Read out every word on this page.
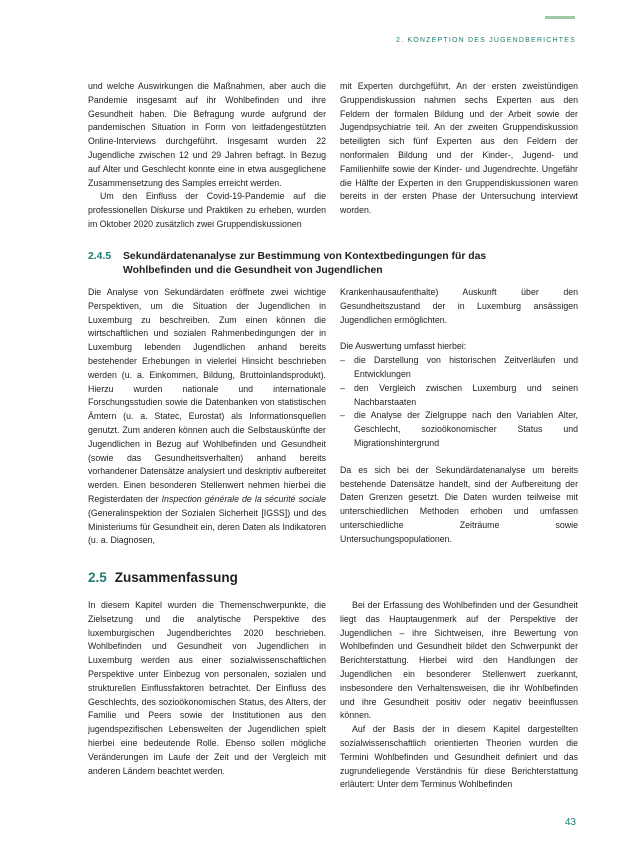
2. KONZEPTION DES JUGENDBERICHTES

und welche Auswirkungen die Maßnahmen, aber auch die Pandemie insgesamt auf ihr Wohlbefinden und ihre Gesundheit haben. Die Befragung wurde aufgrund der pandemischen Situation in Form von leitfadengestützten Online-Interviews durchgeführt. Insgesamt wurden 22 Jugendliche zwischen 12 und 29 Jahren befragt. In Bezug auf Alter und Geschlecht konnte eine in etwa ausgeglichene Zusammensetzung des Samples erreicht werden.

Um den Einfluss der Covid-19-Pandemie auf die professionellen Diskurse und Praktiken zu erheben, wurden im Oktober 2020 zusätzlich zwei Gruppendiskussionen

mit Experten durchgeführt. An der ersten zweistündigen Gruppendiskussion nahmen sechs Experten aus den Feldern der formalen Bildung und der Arbeit sowie der Jugendpsychiatrie teil. An der zweiten Gruppendiskussion beteiligten sich fünf Experten aus den Feldern der nonformalen Bildung und der Kinder-, Jugend- und Familienhilfe sowie der Kinder- und Jugendrechte. Ungefähr die Hälfte der Experten in den Gruppendiskussionen waren bereits in der ersten Phase der Untersuchung interviewt worden.

2.4.5 Sekundärdatenanalyse zur Bestimmung von Kontextbedingungen für das
Wohlbefinden und die Gesundheit von Jugendlichen

Die Analyse von Sekundärdaten eröffnete zwei wichtige Perspektiven, um die Situation der Jugendlichen in Luxemburg zu beschreiben. Zum einen können die wirtschaftlichen und sozialen Rahmenbedingungen der in Luxemburg lebenden Jugendlichen anhand bereits bestehender Erhebungen in vielerlei Hinsicht beschrieben werden (u. a. Einkommen, Bildung, Bruttoinlandsprodukt). Hierzu wurden nationale und internationale Forschungsstudien sowie die Datenbanken von statistischen Ämtern (u. a. Statec, Eurostat) als Informationsquellen genutzt. Zum anderen können auch die Selbstauskünfte der Jugendlichen in Bezug auf Wohlbefinden und Gesundheit (sowie das Gesundheitsverhalten) anhand bereits vorhandener Datensätze analysiert und deskriptiv aufbereitet werden. Einen besonderen Stellenwert nehmen hierbei die Registerdaten der Inspection générale de la sécurité sociale (Generalinspektion der Sozialen Sicherheit [IGSS]) und des Ministeriums für Gesundheit ein, deren Daten als Indikatoren (u. a. Diagnosen,

Krankenhausaufenthalte) Auskunft über den Gesundheitszustand der in Luxemburg ansässigen Jugendlichen ermöglichten.

Die Auswertung umfasst hierbei:

– die Darstellung von historischen Zeitverläufen und Entwicklungen
– den Vergleich zwischen Luxemburg und seinen Nachbarstaaten
– die Analyse der Zielgruppe nach den Variablen Alter, Geschlecht, sozioökonomischer Status und Migrationshintergrund

Da es sich bei der Sekundärdatenanalyse um bereits bestehende Datensätze handelt, sind der Aufbereitung der Daten Grenzen gesetzt. Die Daten wurden teilweise mit unterschiedlichen Methoden erhoben und umfassen unterschiedliche Zeiträume sowie Untersuchungspopulationen.

2.5 Zusammenfassung

In diesem Kapitel wurden die Themenschwerpunkte, die Zielsetzung und die analytische Perspektive des luxemburgischen Jugendberichtes 2020 beschrieben. Wohlbefinden und Gesundheit von Jugendlichen in Luxemburg werden aus einer sozialwissenschaftlichen Perspektive unter Einbezug von personalen, sozialen und strukturellen Einflussfaktoren betrachtet. Der Einfluss des Geschlechts, des sozioökonomischen Status, des Alters, der Familie und Peers sowie der Institutionen aus den jugendspezifischen Lebenswelten der Jugendlichen spielt hierbei eine bedeutende Rolle. Ebenso sollen mögliche Veränderungen im Laufe der Zeit und der Vergleich mit anderen Ländern beachtet werden.

Bei der Erfassung des Wohlbefinden und der Gesundheit liegt das Hauptaugenmerk auf der Perspektive der Jugendlichen – ihre Sichtweisen, ihre Bewertung von Wohlbefinden und Gesundheit bildet den Schwerpunkt der Berichterstattung. Hierbei wird den Handlungen der Jugendlichen ein besonderer Stellenwert zuerkannt, insbesondere den Verhaltensweisen, die ihr Wohlbefinden und ihre Gesundheit positiv oder negativ beeinflussen können.

Auf der Basis der in diesem Kapitel dargestellten sozialwissenschaftlich orientierten Theorien wurden die Termini Wohlbefinden und Gesundheit definiert und das zugrundeliegende Verständnis für diese Berichterstattung erläutert: Unter dem Terminus Wohlbefinden

43
